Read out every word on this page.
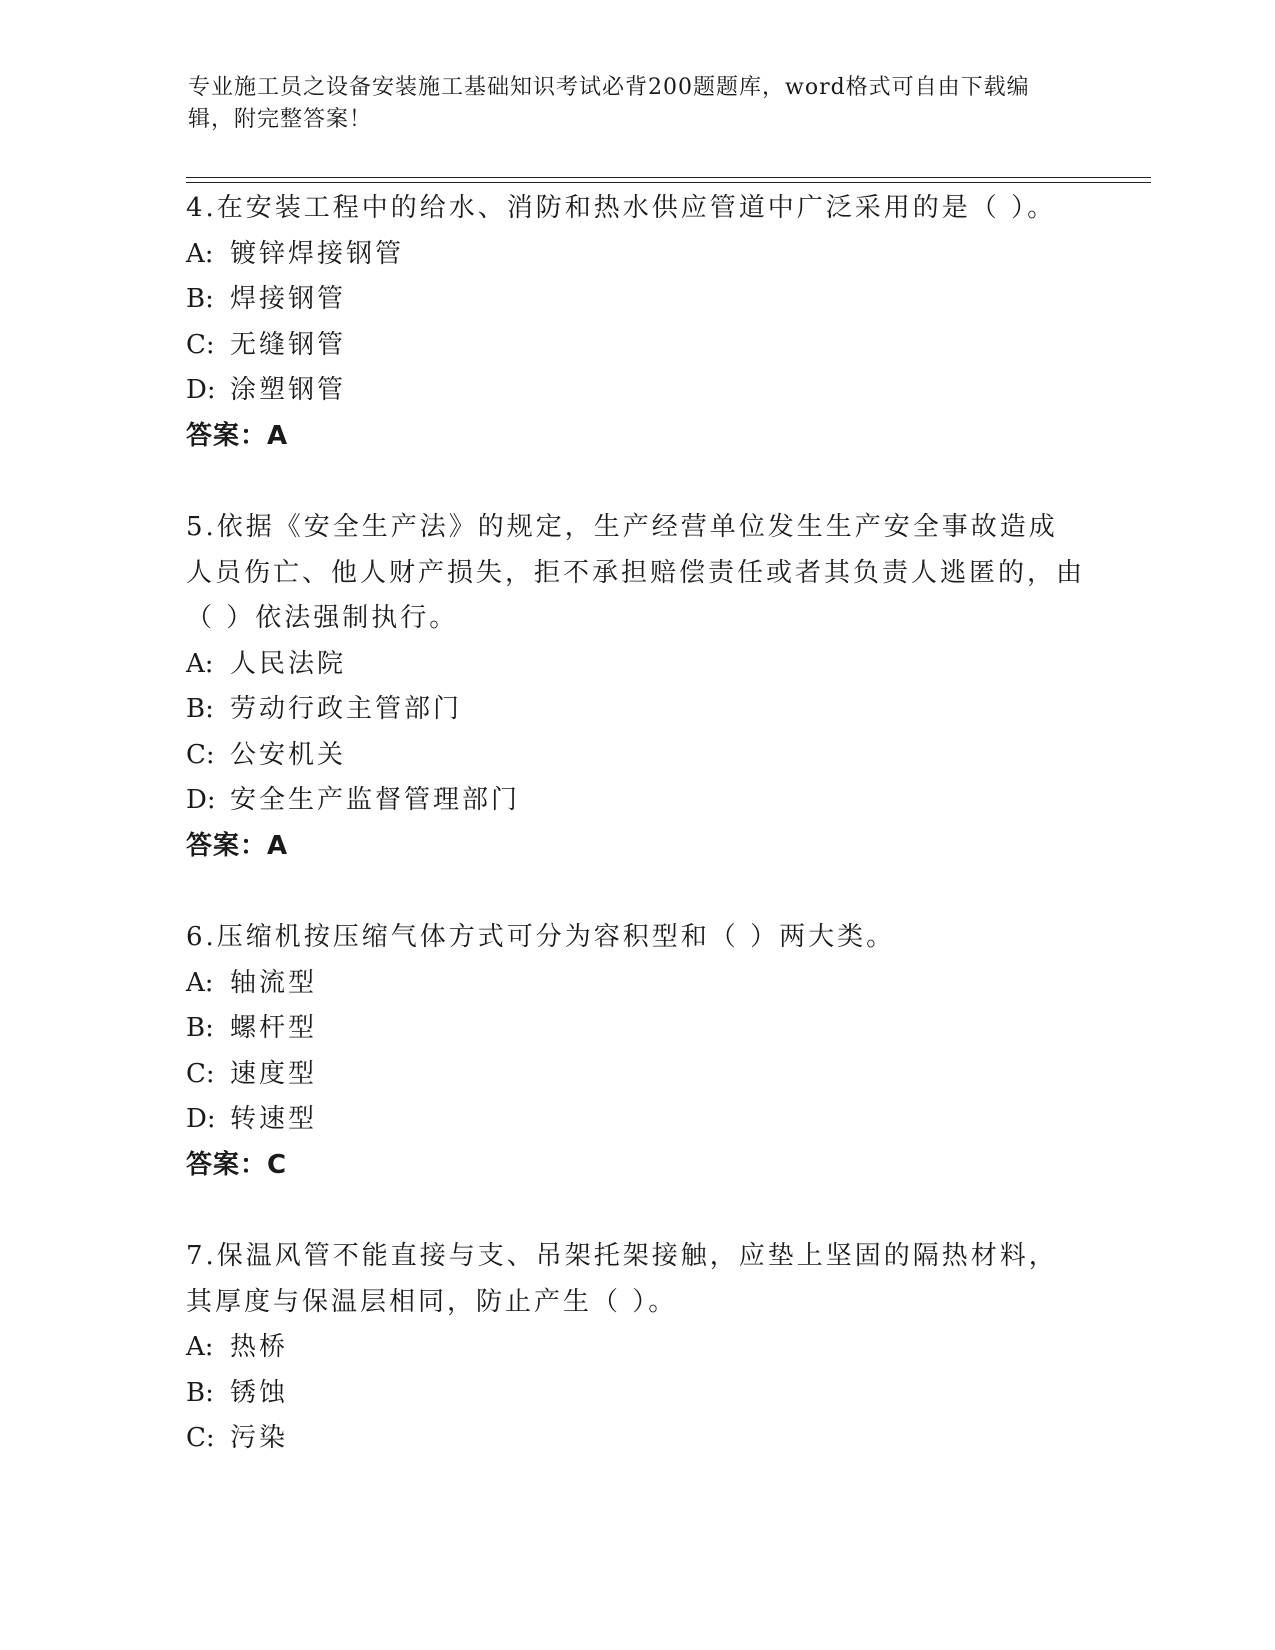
专业施工员之设备安装施工基础知识考试必背200题题库，word格式可自由下载编辑，附完整答案！

4.在安装工程中的给水、消防和热水供应管道中广泛采用的是（ ）。

A: 镀锌焊接钢管
B: 焊接钢管
C: 无缝钢管
D: 涂塑钢管

答案：A

5.依据《安全生产法》的规定，生产经营单位发生生产安全事故造成人员伤亡、他人财产损失，拒不承担赔偿责任或者其负责人逃匿的，由（ ）依法强制执行。

A: 人民法院
B: 劳动行政主管部门
C: 公安机关
D: 安全生产监督管理部门

答案：A

6.压缩机按压缩气体方式可分为容积型和（ ）两大类。

A: 轴流型
B: 螺杆型
C: 速度型
D: 转速型

答案：C

7.保温风管不能直接与支、吊架托架接触，应垫上坚固的隔热材料，其厚度与保温层相同，防止产生（ ）。

A: 热桥
B: 锈蚀
C: 污染
